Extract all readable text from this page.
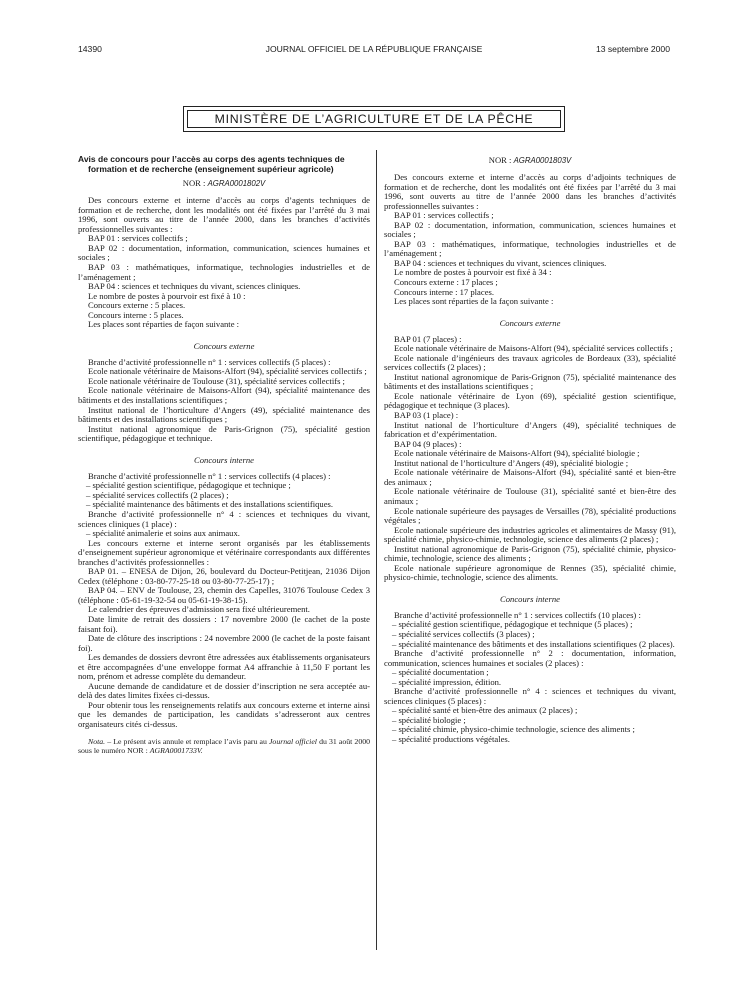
14390	JOURNAL OFFICIEL DE LA RÉPUBLIQUE FRANÇAISE	13 septembre 2000
MINISTÈRE DE L’AGRICULTURE ET DE LA PÊCHE

Avis de concours pour l’accès au corps des agents techniques de formation et de recherche (enseignement supérieur agricole)

NOR : AGRA0001802V

Des concours externe et interne d’accès au corps d’agents techniques de formation et de recherche, dont les modalités ont été fixées par l’arrêté du 3 mai 1996, sont ouverts au titre de l’année 2000, dans les branches d’activités professionnelles suivantes :

BAP 01 : services collectifs ;

BAP 02 : documentation, information, communication, sciences humaines et sociales ;

BAP 03 : mathématiques, informatique, technologies industrielles et de l’aménagement ;

BAP 04 : sciences et techniques du vivant, sciences cliniques.

Le nombre de postes à pourvoir est fixé à 10 :

Concours externe : 5 places.

Concours interne : 5 places.

Les places sont réparties de façon suivante :

Concours externe

Branche d’activité professionnelle n° 1 : services collectifs (5 places) :

Ecole nationale vétérinaire de Maisons-Alfort (94), spécialité services collectifs ;

Ecole nationale vétérinaire de Toulouse (31), spécialité services collectifs ;

Ecole nationale vétérinaire de Maisons-Alfort (94), spécialité maintenance des bâtiments et des installations scientifiques ;

Institut national de l’horticulture d’Angers (49), spécialité maintenance des bâtiments et des installations scientifiques ;

Institut national agronomique de Paris-Grignon (75), spécialité gestion scientifique, pédagogique et technique.

Concours interne

Branche d’activité professionnelle n° 1 : services collectifs (4 places) :

– spécialité gestion scientifique, pédagogique et technique ;
– spécialité services collectifs (2 places) ;
– spécialité maintenance des bâtiments et des installations scientifiques.

Branche d’activité professionnelle n° 4 : sciences et techniques du vivant, sciences cliniques (1 place) :

– spécialité animalerie et soins aux animaux.

Les concours externe et interne seront organisés par les établissements d’enseignement supérieur agronomique et vétérinaire correspondants aux différentes branches d’activités professionnelles :

BAP 01. – ENESA de Dijon, 26, boulevard du Docteur-Petitjean, 21036 Dijon Cedex (téléphone : 03-80-77-25-18 ou 03-80-77-25-17) ;

BAP 04. – ENV de Toulouse, 23, chemin des Capelles, 31076 Toulouse Cedex 3 (téléphone : 05-61-19-32-54 ou 05-61-19-38-15).

Le calendrier des épreuves d’admission sera fixé ultérieurement.

Date limite de retrait des dossiers : 17 novembre 2000 (le cachet de la poste faisant foi).

Date de clôture des inscriptions : 24 novembre 2000 (le cachet de la poste faisant foi).

Les demandes de dossiers devront être adressées aux établissements organisateurs et être accompagnées d’une enveloppe format A4 affranchie à 11,50 F portant les nom, prénom et adresse complète du demandeur.

Aucune demande de candidature et de dossier d’inscription ne sera acceptée au-delà des dates limites fixées ci-dessus.

Pour obtenir tous les renseignements relatifs aux concours externe et interne ainsi que les demandes de participation, les candidats s’adresseront aux centres organisateurs cités ci-dessus.

Nota. – Le présent avis annule et remplace l’avis paru au Journal officiel du 31 août 2000 sous le numéro NOR : AGRA0001733V.

NOR : AGRA0001803V

Des concours externe et interne d’accès au corps d’adjoints techniques de formation et de recherche, dont les modalités ont été fixées par l’arrêté du 3 mai 1996, sont ouverts au titre de l’année 2000 dans les branches d’activités professionnelles suivantes :

BAP 01 : services collectifs ;

BAP 02 : documentation, information, communication, sciences humaines et sociales ;

BAP 03 : mathématiques, informatique, technologies industrielles et de l’aménagement ;

BAP 04 : sciences et techniques du vivant, sciences cliniques.

Le nombre de postes à pourvoir est fixé à 34 :

Concours externe : 17 places ;

Concours interne : 17 places.

Les places sont réparties de la façon suivante :

Concours externe

BAP 01 (7 places) :

Ecole nationale vétérinaire de Maisons-Alfort (94), spécialité services collectifs ;

Ecole nationale d’ingénieurs des travaux agricoles de Bordeaux (33), spécialité services collectifs (2 places) ;

Institut national agronomique de Paris-Grignon (75), spécialité maintenance des bâtiments et des installations scientifiques ;

Ecole nationale vétérinaire de Lyon (69), spécialité gestion scientifique, pédagogique et technique (3 places).

BAP 03 (1 place) :

Institut national de l’horticulture d’Angers (49), spécialité techniques de fabrication et d’expérimentation.

BAP 04 (9 places) :

Ecole nationale vétérinaire de Maisons-Alfort (94), spécialité biologie ;

Institut national de l’horticulture d’Angers (49), spécialité biologie ;

Ecole nationale vétérinaire de Maisons-Alfort (94), spécialité santé et bien-être des animaux ;

Ecole nationale vétérinaire de Toulouse (31), spécialité santé et bien-être des animaux ;

Ecole nationale supérieure des paysages de Versailles (78), spécialité productions végétales ;

Ecole nationale supérieure des industries agricoles et alimentaires de Massy (91), spécialité chimie, physico-chimie, technologie, science des aliments (2 places) ;

Institut national agronomique de Paris-Grignon (75), spécialité chimie, physico-chimie, technologie, science des aliments ;

Ecole nationale supérieure agronomique de Rennes (35), spécialité chimie, physico-chimie, technologie, science des aliments.

Concours interne

Branche d’activité professionnelle n° 1 : services collectifs (10 places) :

– spécialité gestion scientifique, pédagogique et technique (5 places) ;
– spécialité services collectifs (3 places) ;
– spécialité maintenance des bâtiments et des installations scientifiques (2 places).

Branche d’activité professionnelle n° 2 : documentation, information, communication, sciences humaines et sociales (2 places) :

– spécialité documentation ;
– spécialité impression, édition.

Branche d’activité professionnelle n° 4 : sciences et techniques du vivant, sciences cliniques (5 places) :

– spécialité santé et bien-être des animaux (2 places) ;
– spécialité biologie ;
– spécialité chimie, physico-chimie technologie, science des aliments ;
– spécialité productions végétales.
